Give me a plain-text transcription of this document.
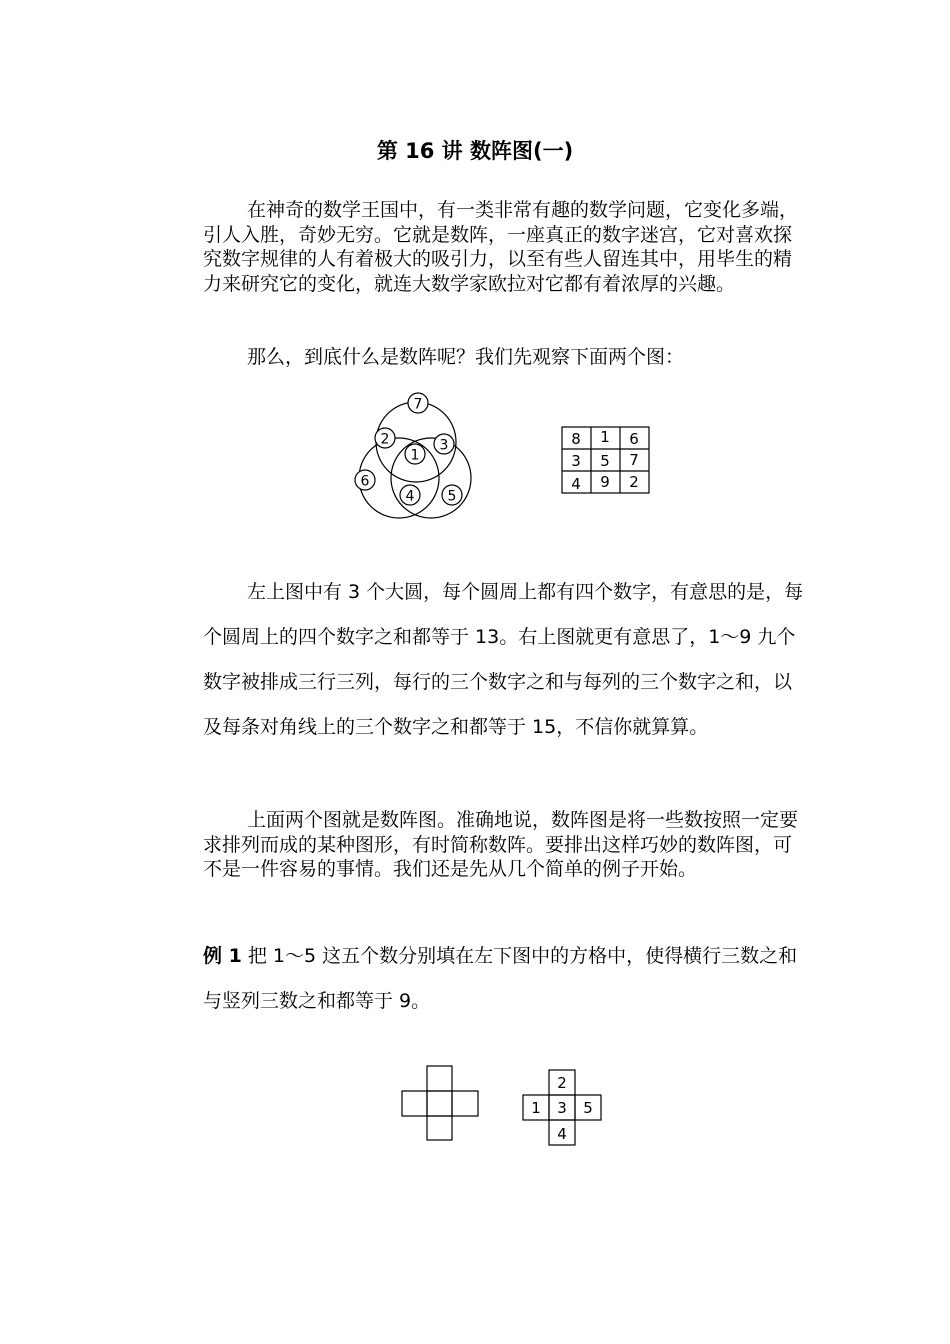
第 16 讲 数阵图(一)

在神奇的数学王国中，有一类非常有趣的数学问题，它变化多端，引人入胜，奇妙无穷。它就是数阵，一座真正的数字迷宫，它对喜欢探究数字规律的人有着极大的吸引力，以至有些人留连其中，用毕生的精力来研究它的变化，就连大数学家欧拉对它都有着浓厚的兴趣。

那么，到底什么是数阵呢？我们先观察下面两个图：

7
2	3
1
6
4 5
8 1 6
3 5 7
4 9 2

左上图中有 3 个大圆，每个圆周上都有四个数字，有意思的是，每个圆周上的四个数字之和都等于 13。右上图就更有意思了，1～9 九个数字被排成三行三列，每行的三个数字之和与每列的三个数字之和，以及每条对角线上的三个数字之和都等于 15，不信你就算算。

上面两个图就是数阵图。准确地说，数阵图是将一些数按照一定要求排列而成的某种图形，有时简称数阵。要排出这样巧妙的数阵图，可不是一件容易的事情。我们还是先从几个简单的例子开始。

例 1 把 1～5 这五个数分别填在左下图中的方格中，使得横行三数之和与竖列三数之和都等于 9。

2
1 3 5
4
